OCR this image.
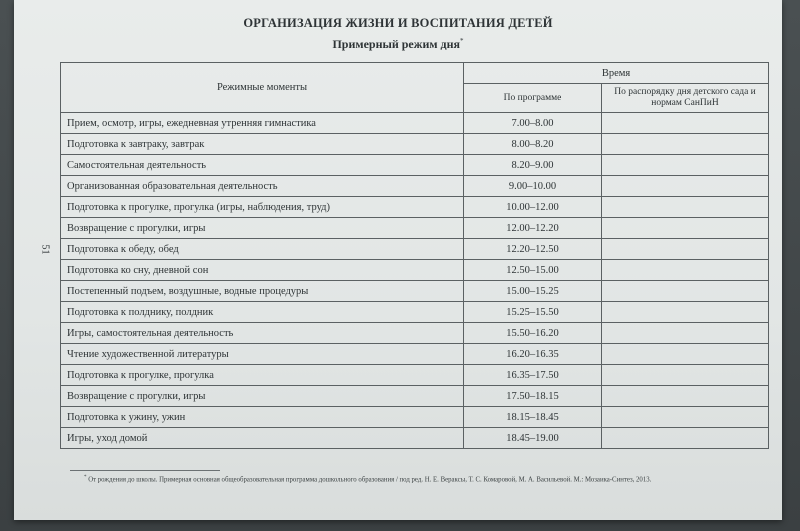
ОРГАНИЗАЦИЯ ЖИЗНИ И ВОСПИТАНИЯ ДЕТЕЙ
Примерный режим дня*
51
Режимные моменты	Время	
	По программе	По распорядку дня детского сада и нормам СанПиН
Прием, осмотр, игры, ежедневная утренняя гимнастика	7.00–8.00	
Подготовка к завтраку, завтрак	8.00–8.20	
Самостоятельная деятельность	8.20–9.00	
Организованная образовательная деятельность	9.00–10.00	
Подготовка к прогулке, прогулка (игры, наблюдения, труд)	10.00–12.00	
Возвращение с прогулки, игры	12.00–12.20	
Подготовка к обеду, обед	12.20–12.50	
Подготовка ко сну, дневной сон	12.50–15.00	
Постепенный подъем, воздушные, водные процедуры	15.00–15.25	
Подготовка к полднику, полдник	15.25–15.50	
Игры, самостоятельная деятельность	15.50–16.20	
Чтение художественной литературы	16.20–16.35	
Подготовка к прогулке, прогулка	16.35–17.50	
Возвращение с прогулки, игры	17.50–18.15	
Подготовка к ужину, ужин	18.15–18.45	
Игры, уход домой	18.45–19.00	
* От рождения до школы. Примерная основная общеобразовательная программа дошкольного образования / под ред. Н. Е. Вераксы, Т. С. Комаровой, М. А. Васильевой. М.: Мозаика-Синтез, 2013.
